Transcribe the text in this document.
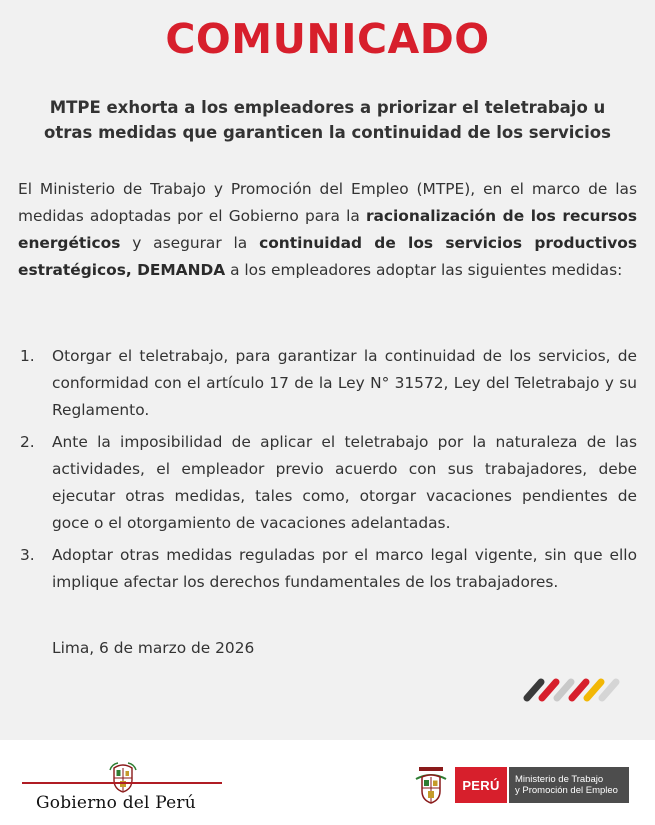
COMUNICADO
MTPE exhorta a los empleadores a priorizar el teletrabajo u
otras medidas que garanticen la continuidad de los servicios
El Ministerio de Trabajo y Promoción del Empleo (MTPE), en el marco de las medidas adoptadas por el Gobierno para la racionalización de los recursos energéticos y asegurar la continuidad de los servicios productivos estratégicos, DEMANDA a los empleadores adoptar las siguientes medidas:
1. Otorgar el teletrabajo, para garantizar la continuidad de los servicios, de conformidad con el artículo 17 de la Ley N° 31572, Ley del Teletrabajo y su Reglamento.
2. Ante la imposibilidad de aplicar el teletrabajo por la naturaleza de las actividades, el empleador previo acuerdo con sus trabajadores, debe ejecutar otras medidas, tales como, otorgar vacaciones pendientes de goce o el otorgamiento de vacaciones adelantadas.
3. Adoptar otras medidas reguladas por el marco legal vigente, sin que ello implique afectar los derechos fundamentales de los trabajadores.
Lima, 6 de marzo de 2026
Gobierno del Perú
PERÚ	Ministerio de Trabajo
y Promoción del Empleo
